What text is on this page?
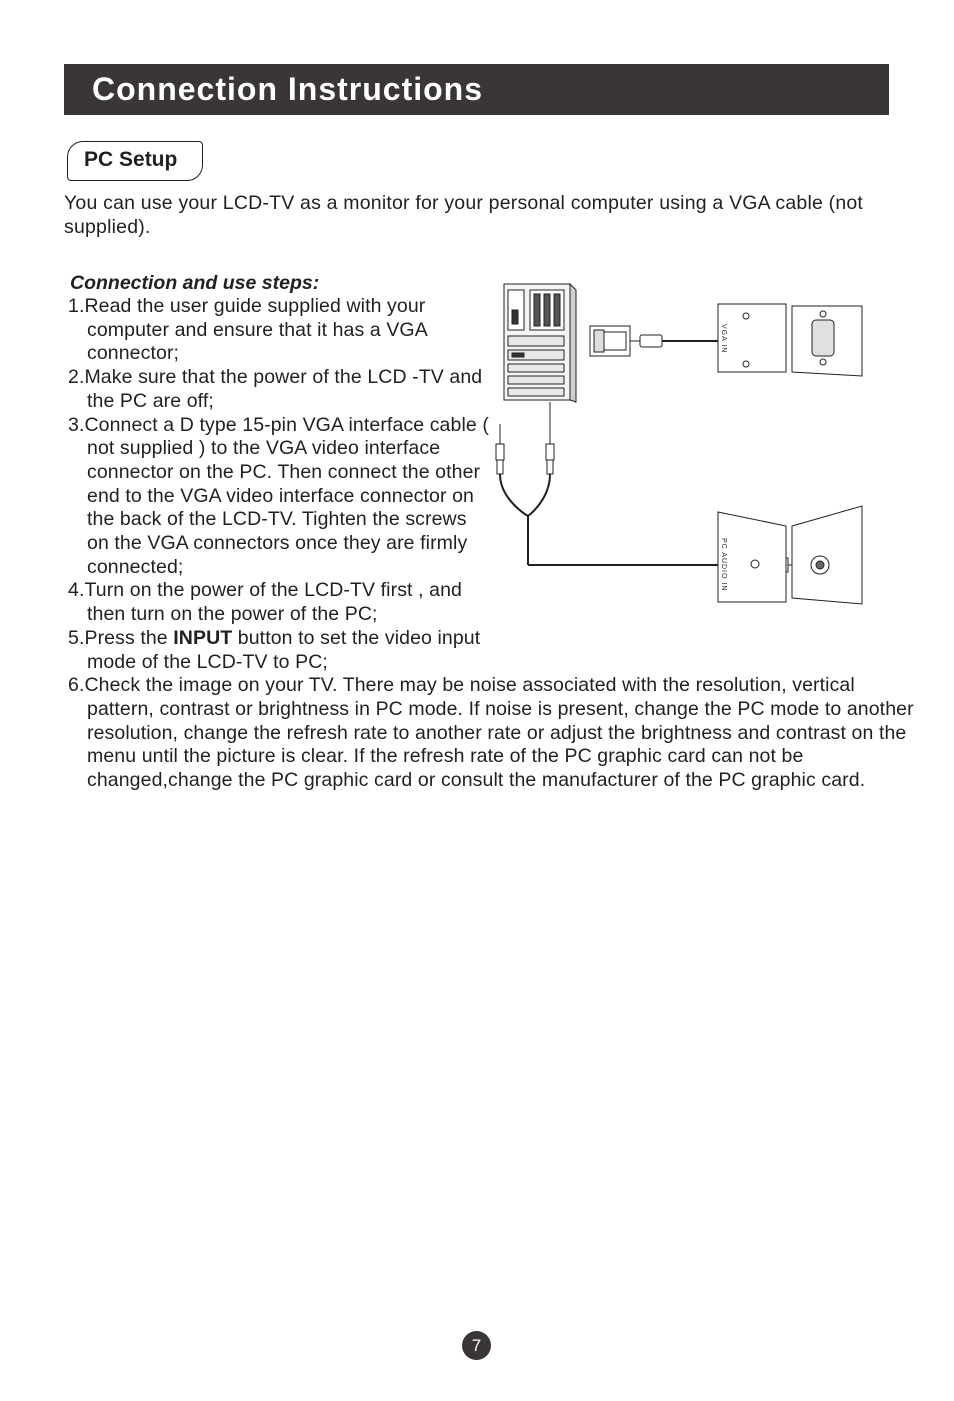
Connection Instructions
PC Setup
You can use your LCD-TV as a monitor for your personal computer using a VGA cable (not supplied).
Connection and use steps:
1.Read the user guide supplied with your computer and ensure that it has a VGA connector;
2.Make sure that the power of the LCD -TV and the PC are off;
3.Connect a D type 15-pin VGA interface cable ( not supplied ) to the VGA video interface connector on the PC. Then connect the other end to the VGA video interface connector on the back of the LCD-TV. Tighten the screws on the VGA connectors once they are firmly connected;
4.Turn on the power of the LCD-TV first , and then turn on the power of the PC;
5.Press the INPUT button to set the video input mode of the LCD-TV to PC;
6.Check the image on your TV. There may be noise associated with the resolution, vertical pattern, contrast or brightness in PC mode. If noise is present, change the PC mode to another resolution, change the refresh rate to another rate or adjust the brightness and contrast on the menu until the picture is clear. If the refresh rate of the PC graphic card can not be changed,change the PC graphic card or consult the manufacturer of the PC graphic card.
VGA IN
PC AUDIO IN
7
